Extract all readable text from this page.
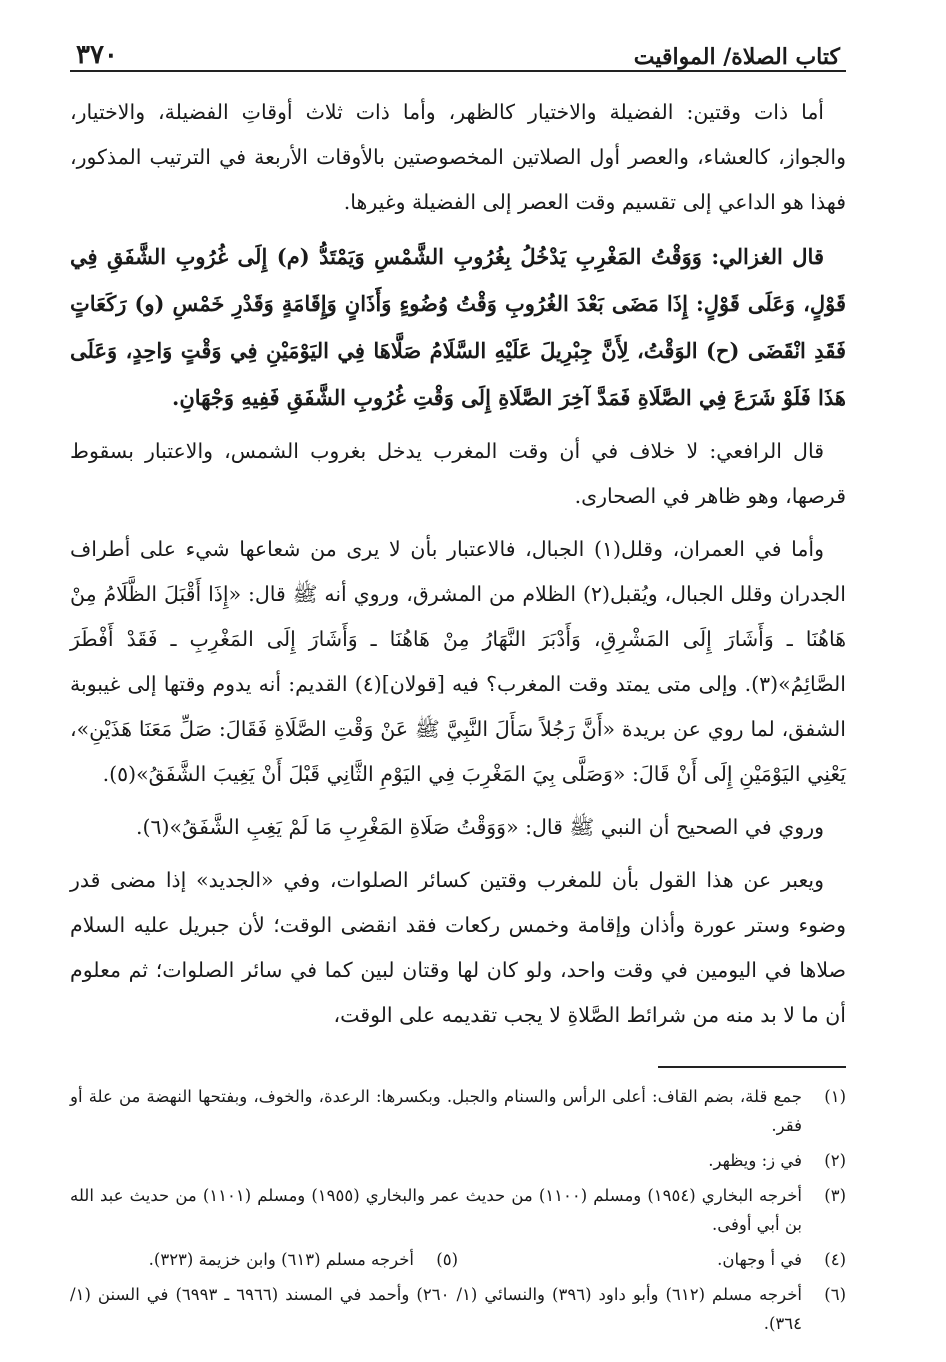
كتاب الصلاة/ المواقيت
٣٧٠

أما ذات وقتين: الفضيلة والاختيار كالظهر، وأما ذات ثلاث أوقاتِ الفضيلة، والاختيار، والجواز، كالعشاء، والعصر أول الصلاتين المخصوصتين بالأوقات الأربعة في الترتيب المذكور، فهذا هو الداعي إلى تقسيم وقت العصر إلى الفضيلة وغيرها.

قال الغزالي: وَوَقْتُ المَغْرِبِ يَدْخُلُ بِغُرُوبِ الشَّمْسِ وَيَمْتَدُّ (م) إِلَى غُرُوبِ الشَّفَقِ فِي قَوْلٍ، وَعَلَى قَوْلٍ: إِذَا مَضَى بَعْدَ الغُرُوبِ وَقْتُ وُضُوءٍ وَأَذَانٍ وَإِقَامَةٍ وَقَدْرِ خَمْسِ (و) رَكَعَاتٍ فَقَدِ انْقَضَى (ح) الوَقْتُ، لِأَنَّ جِبْرِيلَ عَلَيْهِ السَّلَامُ صَلَّاهَا فِي اليَوْمَيْنِ فِي وَقْتٍ وَاحِدٍ، وَعَلَى هَذَا فَلَوْ شَرَعَ فِي الصَّلَاةِ فَمَدَّ آخِرَ الصَّلَاةِ إِلَى وَقْتِ غُرُوبِ الشَّفَقِ فَفِيهِ وَجْهَانِ.

قال الرافعي: لا خلاف في أن وقت المغرب يدخل بغروب الشمس، والاعتبار بسقوط قرصها، وهو ظاهر في الصحارى.

وأما في العمران، وقلل(١) الجبال، فالاعتبار بأن لا يرى من شعاعها شيء على أطراف الجدران وقلل الجبال، ويُقبل(٢) الظلام من المشرق، وروي أنه ﷺ قال: «إِذَا أَقْبَلَ الظَّلَامُ مِنْ هَاهُنَا ـ وَأَشَارَ إِلَى المَشْرِقِ، وَأَدْبَرَ النَّهَارُ مِنْ هَاهُنَا ـ وَأَشَارَ إِلَى المَغْرِبِ ـ فَقَدْ أَفْطَرَ الصَّائِمُ»(٣). وإلى متى يمتد وقت المغرب؟ فيه [قولان](٤) القديم: أنه يدوم وقتها إلى غيبوبة الشفق، لما روي عن بريدة «أَنَّ رَجُلاً سَأَلَ النَّبِيَّ ﷺ عَنْ وَقْتِ الصَّلَاةِ فَقَالَ: صَلِّ مَعَنَا هَذَيْنِ»، يَعْنِي اليَوْمَيْنِ إِلَى أَنْ قَالَ: «وَصَلَّى بِيَ المَغْرِبَ فِي اليَوْمِ الثَّانِي قَبْلَ أَنْ يَغِيبَ الشَّفَقُ»(٥).

وروي في الصحيح أن النبي ﷺ قال: «وَوَقْتُ صَلَاةِ المَغْرِبِ مَا لَمْ يَغِبِ الشَّفَقُ»(٦).

ويعبر عن هذا القول بأن للمغرب وقتين كسائر الصلوات، وفي «الجديد» إذا مضى قدر وضوء وستر عورة وأذان وإقامة وخمس ركعات فقد انقضى الوقت؛ لأن جبريل عليه السلام صلاها في اليومين في وقت واحد، ولو كان لها وقتان لبين كما في سائر الصلوات؛ ثم معلوم أن ما لا بد منه من شرائط الصَّلاةِ لا يجب تقديمه على الوقت،

(١)
جمع قلة، بضم القاف: أعلى الرأس والسنام والجبل. وبكسرها: الرعدة، والخوف، وبفتحها النهضة من علة أو فقر.
(٢)
في ز: ويظهر.
(٣)
أخرجه البخاري (١٩٥٤) ومسلم (١١٠٠) من حديث عمر والبخاري (١٩٥٥) ومسلم (١١٠١) من حديث عبد الله بن أبي أوفى.
(٤)
في أ وجهان.
(٥)
أخرجه مسلم (٦١٣) وابن خزيمة (٣٢٣).
(٦)
أخرجه مسلم (٦١٢) وأبو داود (٣٩٦) والنسائي (١/ ٢٦٠) وأحمد في المسند (٦٩٦٦ ـ ٦٩٩٣) في السنن (١/ ٣٦٤).
